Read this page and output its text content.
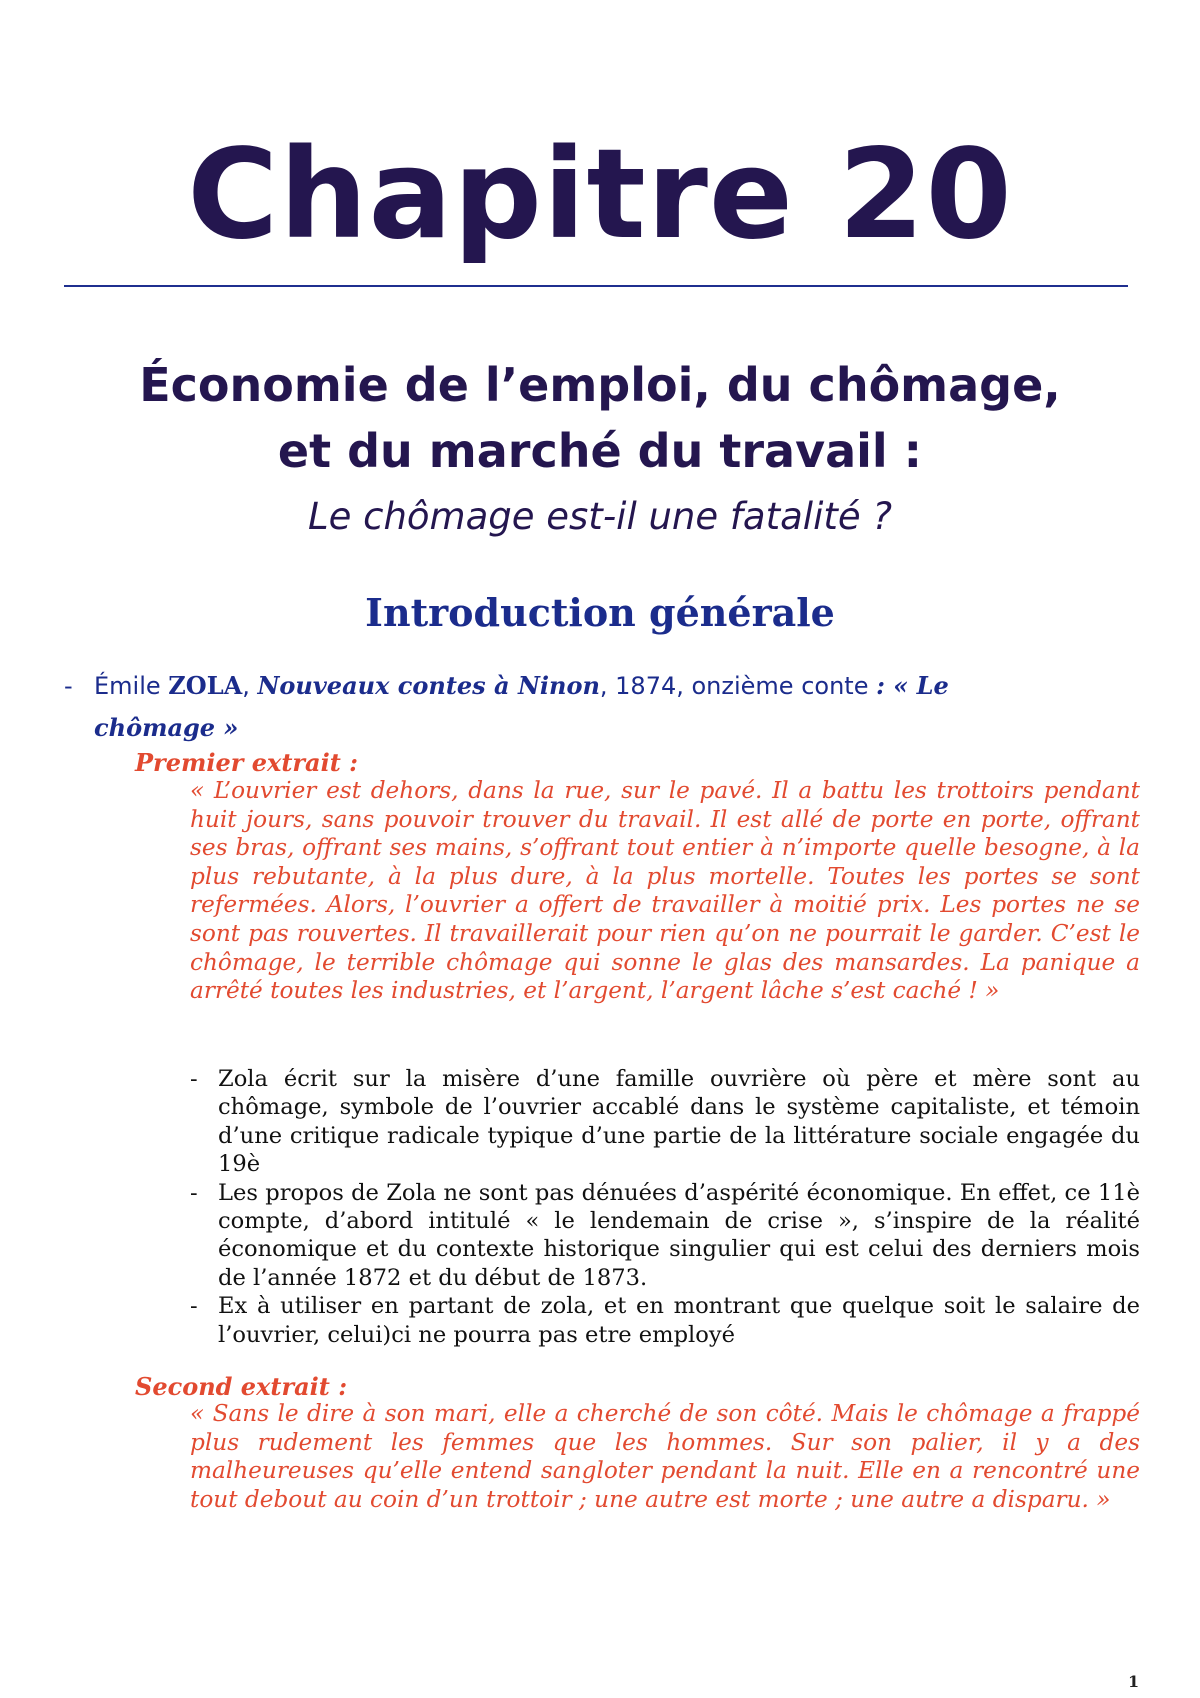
Chapitre 20
Économie de l’emploi, du chômage,
et du marché du travail :
Le chômage est-il une fatalité ?
Introduction générale
- Émile ZOLA, Nouveaux contes à Ninon, 1874, onzième conte : « Le
chômage »
Premier extrait :

« L’ouvrier est dehors, dans la rue, sur le pavé. Il a battu les trottoirs pendant huit jours, sans pouvoir trouver du travail. Il est allé de porte en porte, offrant ses bras, offrant ses mains, s’offrant tout entier à n’importe quelle besogne, à la plus rebutante, à la plus dure, à la plus mortelle. Toutes les portes se sont refermées. Alors, l’ouvrier a offert de travailler à moitié prix. Les portes ne se sont pas rouvertes. Il travaillerait pour rien qu’on ne pourrait le garder. C’est le chômage, le terrible chômage qui sonne le glas des mansardes. La panique a arrêté toutes les industries, et l’argent, l’argent lâche s’est caché ! »

- Zola écrit sur la misère d’une famille ouvrière où père et mère sont au chômage, symbole de l’ouvrier accablé dans le système capitaliste, et témoin d’une critique radicale typique d’une partie de la littérature sociale engagée du 19è
- Les propos de Zola ne sont pas dénuées d’aspérité économique. En effet, ce 11è compte, d’abord intitulé « le lendemain de crise », s’inspire de la réalité économique et du contexte historique singulier qui est celui des derniers mois de l’année 1872 et du début de 1873.
- Ex à utiliser en partant de zola, et en montrant que quelque soit le salaire de l’ouvrier, celui)ci ne pourra pas etre employé
Second extrait :

« Sans le dire à son mari, elle a cherché de son côté. Mais le chômage a frappé plus rudement les femmes que les hommes. Sur son palier, il y a des malheureuses qu’elle entend sangloter pendant la nuit. Elle en a rencontré une tout debout au coin d’un trottoir ; une autre est morte ; une autre a disparu. »

1
